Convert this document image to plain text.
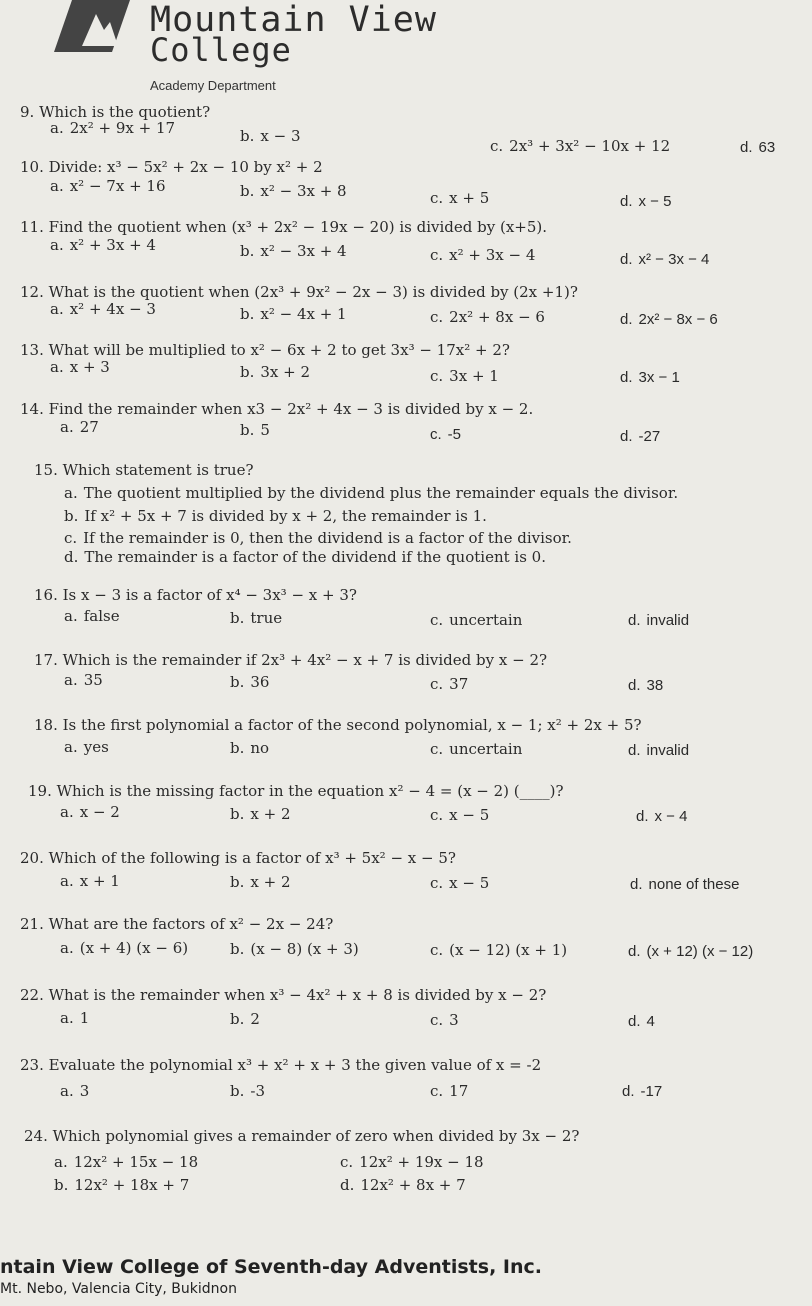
Mountain View
College
Academy Department
9. Which is the quotient?
a. 2x² + 9x + 17	b. x − 3
c. 2x³ + 3x² − 10x + 12	d. 63
10. Divide: x³ − 5x² + 2x − 10 by x² + 2
a. x² − 7x + 16	b. x² − 3x + 8	c. x + 5	d. x − 5
11. Find the quotient when (x³ + 2x² − 19x − 20) is divided by (x+5).
a. x² + 3x + 4	b. x² − 3x + 4	c. x² + 3x − 4	d. x² − 3x − 4
12. What is the quotient when (2x³ + 9x² − 2x − 3) is divided by (2x +1)?
a. x² + 4x − 3	b. x² − 4x + 1	c. 2x² + 8x − 6	d. 2x² − 8x − 6
13. What will be multiplied to x² − 6x + 2 to get 3x³ − 17x² + 2?
a. x + 3	b. 3x + 2	c. 3x + 1	d. 3x − 1
14. Find the remainder when x3 − 2x² + 4x − 3 is divided by x − 2.
a. 27	b. 5	c. -5	d. -27
15. Which statement is true?
a. The quotient multiplied by the dividend plus the remainder equals the divisor.
b. If x² + 5x + 7 is divided by x + 2, the remainder is 1.
c. If the remainder is 0, then the dividend is a factor of the divisor.
d. The remainder is a factor of the dividend if the quotient is 0.
16. Is x − 3 is a factor of x⁴ − 3x³ − x + 3?
a. false	b. true	c. uncertain	d. invalid
17. Which is the remainder if 2x³ + 4x² − x + 7 is divided by x − 2?
a. 35	b. 36	c. 37	d. 38
18. Is the first polynomial a factor of the second polynomial, x − 1; x² + 2x + 5?
a. yes	b. no	c. uncertain	d. invalid
19. Which is the missing factor in the equation x² − 4 = (x − 2) (____)?
a. x − 2	b. x + 2	c. x − 5	d. x − 4
20. Which of the following is a factor of x³ + 5x² − x − 5?
a. x + 1	b. x + 2	c. x − 5	d. none of these
21. What are the factors of x² − 2x − 24?
a. (x + 4) (x − 6)	b. (x − 8) (x + 3)	c. (x − 12) (x + 1)	d. (x + 12) (x − 12)
22. What is the remainder when x³ − 4x² + x + 8 is divided by x − 2?
a. 1	b. 2	c. 3	d. 4
23. Evaluate the polynomial x³ + x² + x + 3 the given value of x = -2
a. 3	b. -3	c. 17	d. -17
24. Which polynomial gives a remainder of zero when divided by 3x − 2?
a. 12x² + 15x − 18
b. 12x² + 18x + 7
c. 12x² + 19x − 18
d. 12x² + 8x + 7
ntain View College of Seventh-day Adventists, Inc.
Mt. Nebo, Valencia City, Bukidnon
